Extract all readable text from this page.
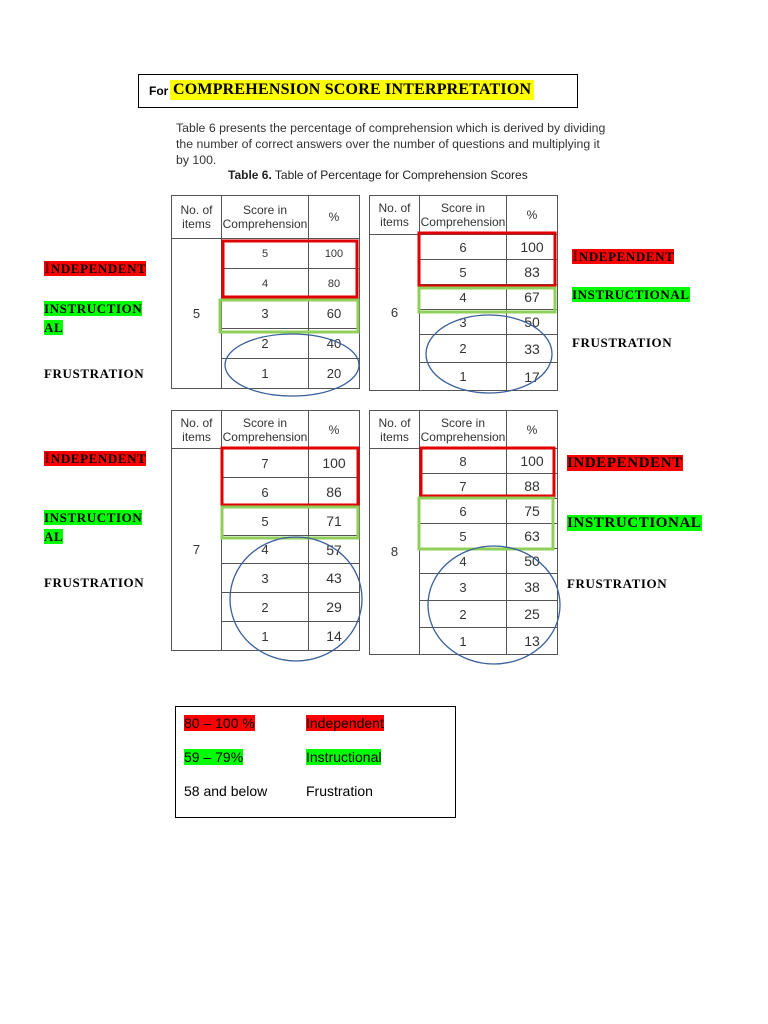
For COMPREHENSION SCORE INTERPRETATION
Table 6 presents the percentage of comprehension which is derived by dividing the number of correct answers over the number of questions and multiplying it by 100.
Table 6. Table of Percentage for Comprehension Scores
No. of
items	Score in
Comprehension	%
5	5	100
	4	80
	3	60
	2	40
	1	20
No. of
items	Score in
Comprehension	%
6	6	100
	5	83
	4	67
	3	50
	2	33
	1	17
No. of
items	Score in
Comprehension	%
7	7	100
	6	86
	5	71
	4	57
	3	43
	2	29
	1	14
No. of
items	Score in
Comprehension	%
8	8	100
	7	88
	6	75
	5	63
	4	50
	3	38
	2	25
	1	13
INDEPENDENT
INSTRUCTION
AL
FRUSTRATION
INDEPENDENT
INSTRUCTIONAL
FRUSTRATION
INDEPENDENT
INSTRUCTION
AL
FRUSTRATION
INDEPENDENT
INSTRUCTIONAL
FRUSTRATION
80 – 100 %	Independent
59 – 79%	Instructional
58 and below	Frustration
